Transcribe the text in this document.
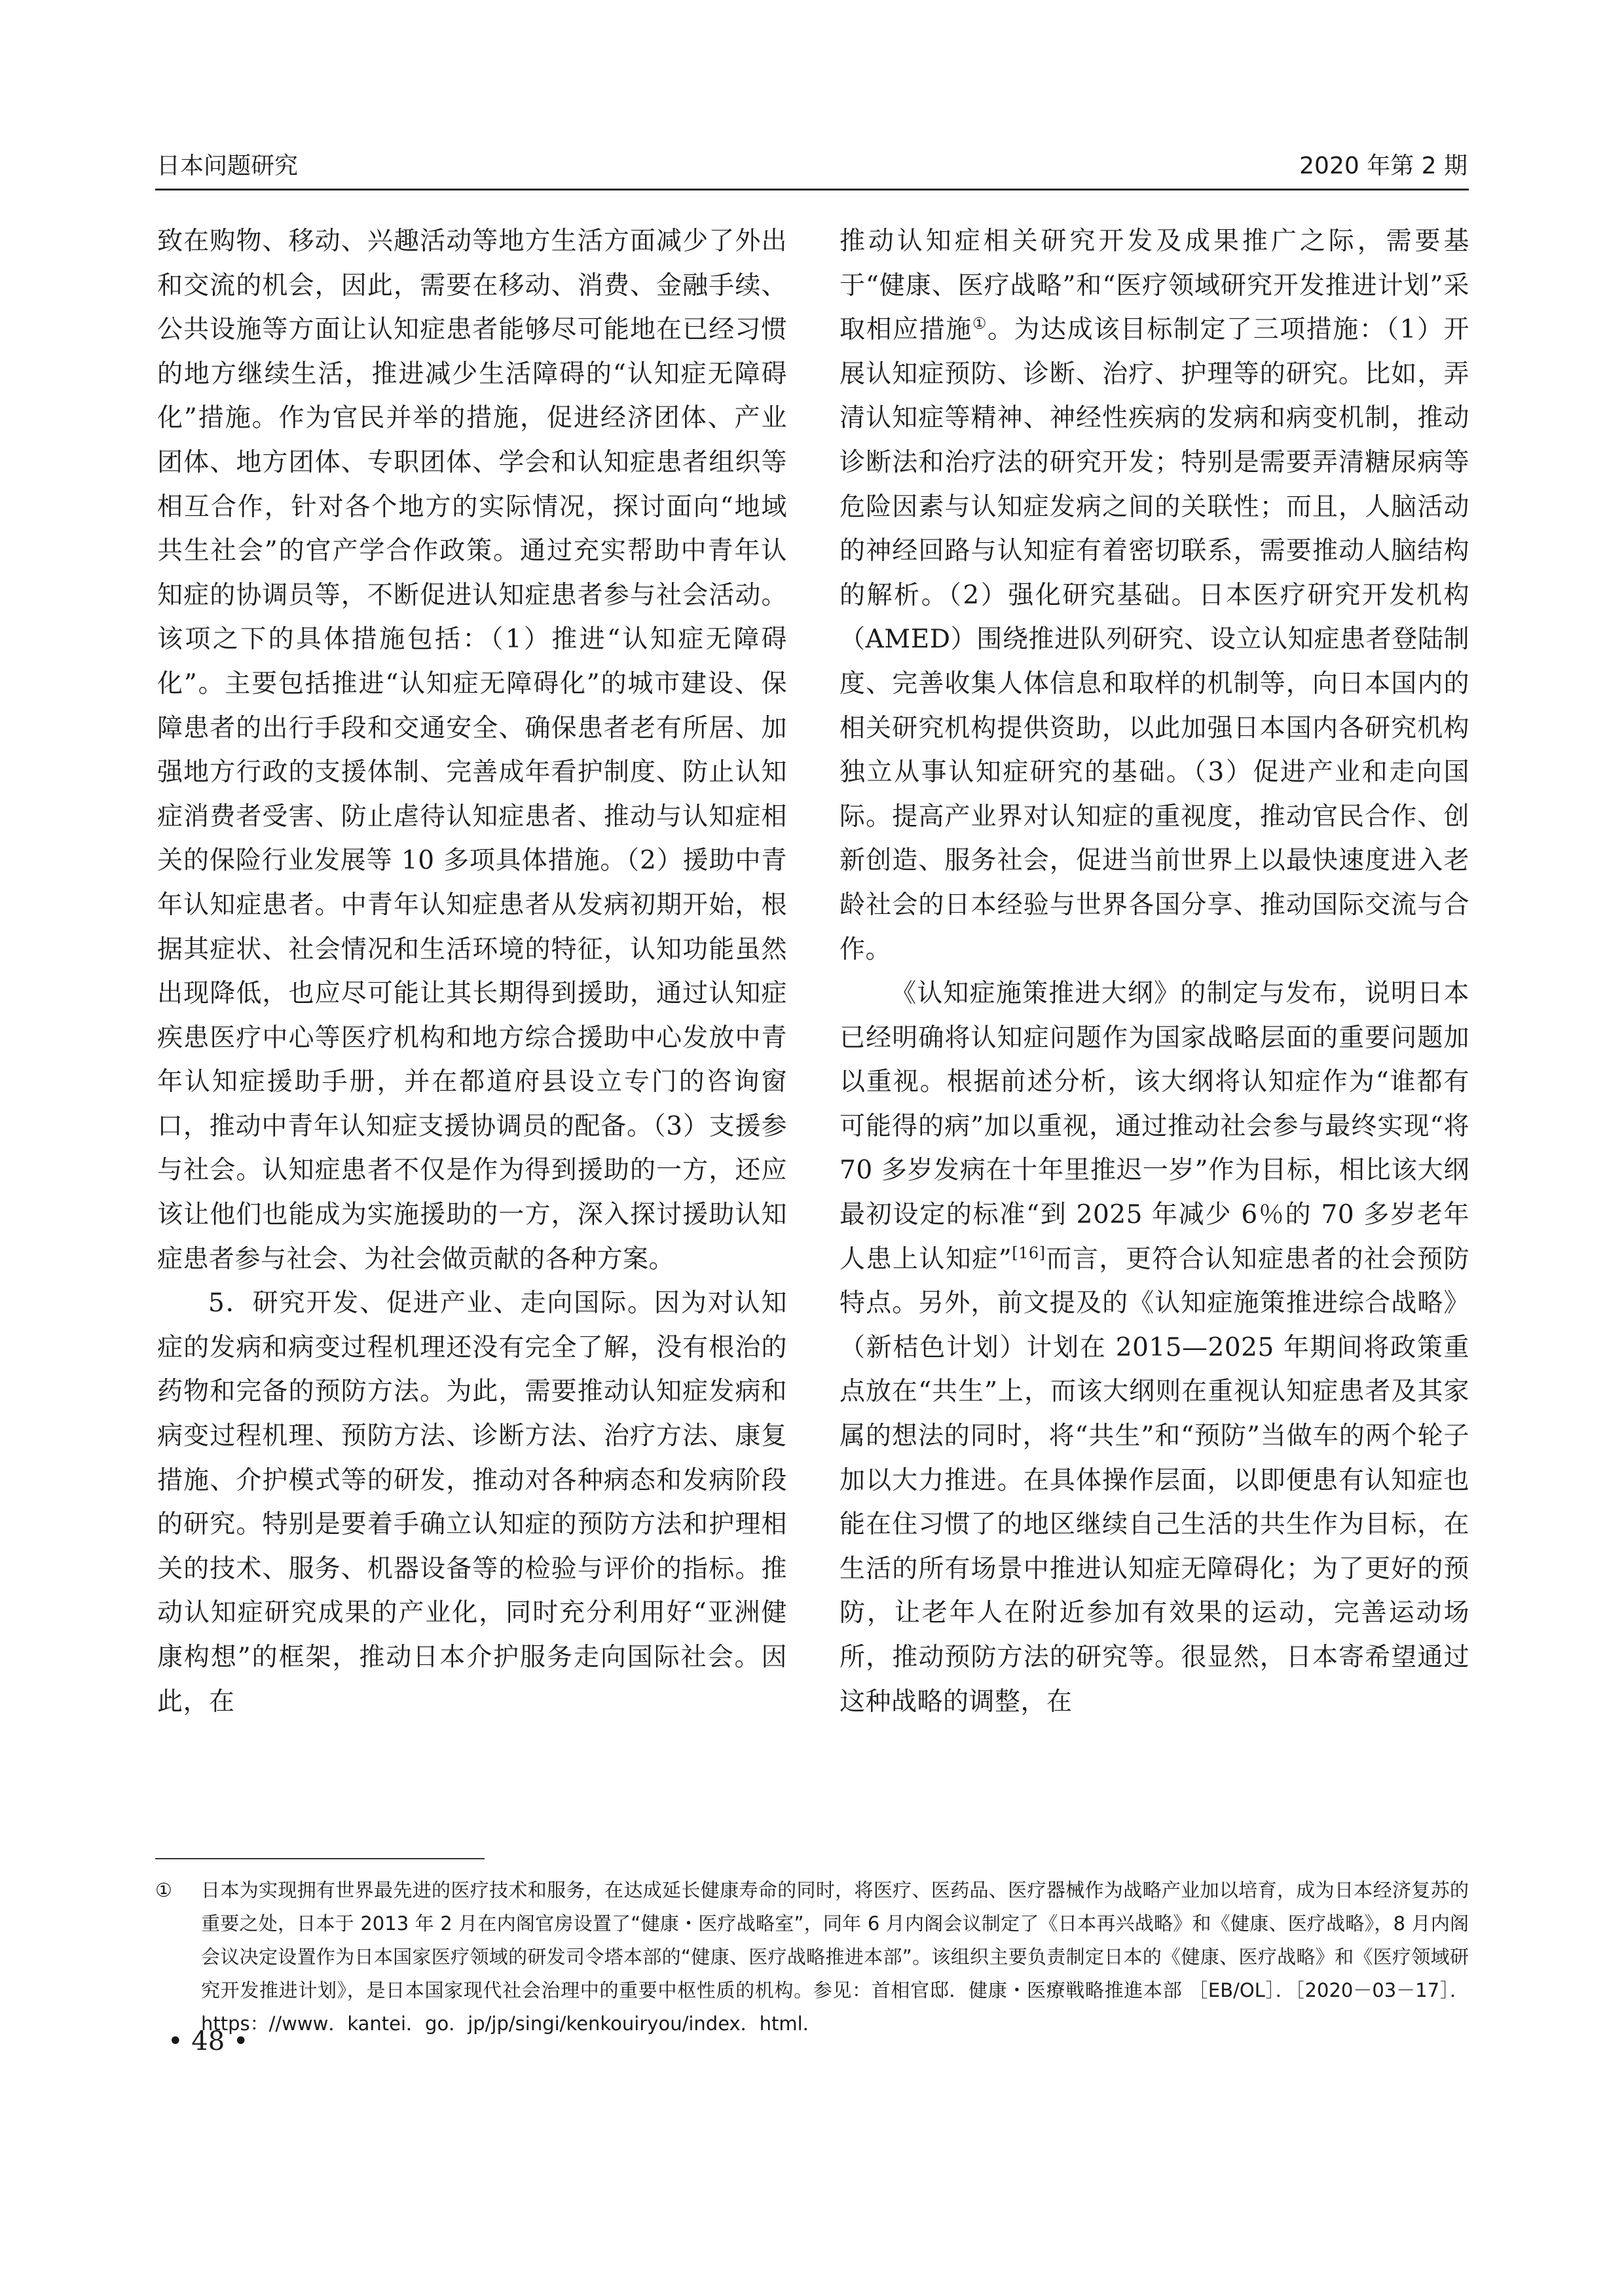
日本问题研究	2020 年第 2 期

致在购物、移动、兴趣活动等地方生活方面减少了外出和交流的机会，因此，需要在移动、消费、金融手续、公共设施等方面让认知症患者能够尽可能地在已经习惯的地方继续生活，推进减少生活障碍的“认知症无障碍化”措施。作为官民并举的措施，促进经济团体、产业团体、地方团体、专职团体、学会和认知症患者组织等相互合作，针对各个地方的实际情况，探讨面向“地域共生社会”的官产学合作政策。通过充实帮助中青年认知症的协调员等，不断促进认知症患者参与社会活动。该项之下的具体措施包括：（1）推进“认知症无障碍化”。主要包括推进“认知症无障碍化”的城市建设、保障患者的出行手段和交通安全、确保患者老有所居、加强地方行政的支援体制、完善成年看护制度、防止认知症消费者受害、防止虐待认知症患者、推动与认知症相关的保险行业发展等 10 多项具体措施。（2）援助中青年认知症患者。中青年认知症患者从发病初期开始，根据其症状、社会情况和生活环境的特征，认知功能虽然出现降低，也应尽可能让其长期得到援助，通过认知症疾患医疗中心等医疗机构和地方综合援助中心发放中青年认知症援助手册，并在都道府县设立专门的咨询窗口，推动中青年认知症支援协调员的配备。（3）支援参与社会。认知症患者不仅是作为得到援助的一方，还应该让他们也能成为实施援助的一方，深入探讨援助认知症患者参与社会、为社会做贡献的各种方案。

5．研究开发、促进产业、走向国际。因为对认知症的发病和病变过程机理还没有完全了解，没有根治的药物和完备的预防方法。为此，需要推动认知症发病和病变过程机理、预防方法、诊断方法、治疗方法、康复措施、介护模式等的研发，推动对各种病态和发病阶段的研究。特别是要着手确立认知症的预防方法和护理相关的技术、服务、机器设备等的检验与评价的指标。推动认知症研究成果的产业化，同时充分利用好“亚洲健康构想”的框架，推动日本介护服务走向国际社会。因此，在

推动认知症相关研究开发及成果推广之际，需要基于“健康、医疗战略”和“医疗领域研究开发推进计划”采取相应措施①。为达成该目标制定了三项措施：（1）开展认知症预防、诊断、治疗、护理等的研究。比如，弄清认知症等精神、神经性疾病的发病和病变机制，推动诊断法和治疗法的研究开发；特别是需要弄清糖尿病等危险因素与认知症发病之间的关联性；而且，人脑活动的神经回路与认知症有着密切联系，需要推动人脑结构的解析。（2）强化研究基础。日本医疗研究开发机构（AMED）围绕推进队列研究、设立认知症患者登陆制度、完善收集人体信息和取样的机制等，向日本国内的相关研究机构提供资助，以此加强日本国内各研究机构独立从事认知症研究的基础。（3）促进产业和走向国际。提高产业界对认知症的重视度，推动官民合作、创新创造、服务社会，促进当前世界上以最快速度进入老龄社会的日本经验与世界各国分享、推动国际交流与合作。

《认知症施策推进大纲》的制定与发布，说明日本已经明确将认知症问题作为国家战略层面的重要问题加以重视。根据前述分析，该大纲将认知症作为“谁都有可能得的病”加以重视，通过推动社会参与最终实现“将 70 多岁发病在十年里推迟一岁”作为目标，相比该大纲最初设定的标准“到 2025 年减少 6％的 70 多岁老年人患上认知症”[16]而言，更符合认知症患者的社会预防特点。另外，前文提及的《认知症施策推进综合战略》（新桔色计划）计划在 2015—2025 年期间将政策重点放在“共生”上，而该大纲则在重视认知症患者及其家属的想法的同时，将“共生”和“预防”当做车的两个轮子加以大力推进。在具体操作层面，以即便患有认知症也能在住习惯了的地区继续自己生活的共生作为目标，在生活的所有场景中推进认知症无障碍化；为了更好的预防，让老年人在附近参加有效果的运动，完善运动场所，推动预防方法的研究等。很显然，日本寄希望通过这种战略的调整，在

① 日本为实现拥有世界最先进的医疗技术和服务，在达成延长健康寿命的同时，将医疗、医药品、医疗器械作为战略产业加以培育，成为日本经济复苏的重要之处，日本于 2013 年 2 月在内阁官房设置了“健康・医疗战略室”，同年 6 月内阁会议制定了《日本再兴战略》和《健康、医疗战略》，8 月内阁会议决定设置作为日本国家医疗领域的研发司令塔本部的“健康、医疗战略推进本部”。该组织主要负责制定日本的《健康、医疗战略》和《医疗领域研究开发推进计划》，是日本国家现代社会治理中的重要中枢性质的机构。参见：首相官邸．健康・医療戦略推進本部 ［EB/OL］．［2020－03－17］．https：//www．kantei．go．jp/jp/singi/kenkouiryou/index．html．
• 48 •
